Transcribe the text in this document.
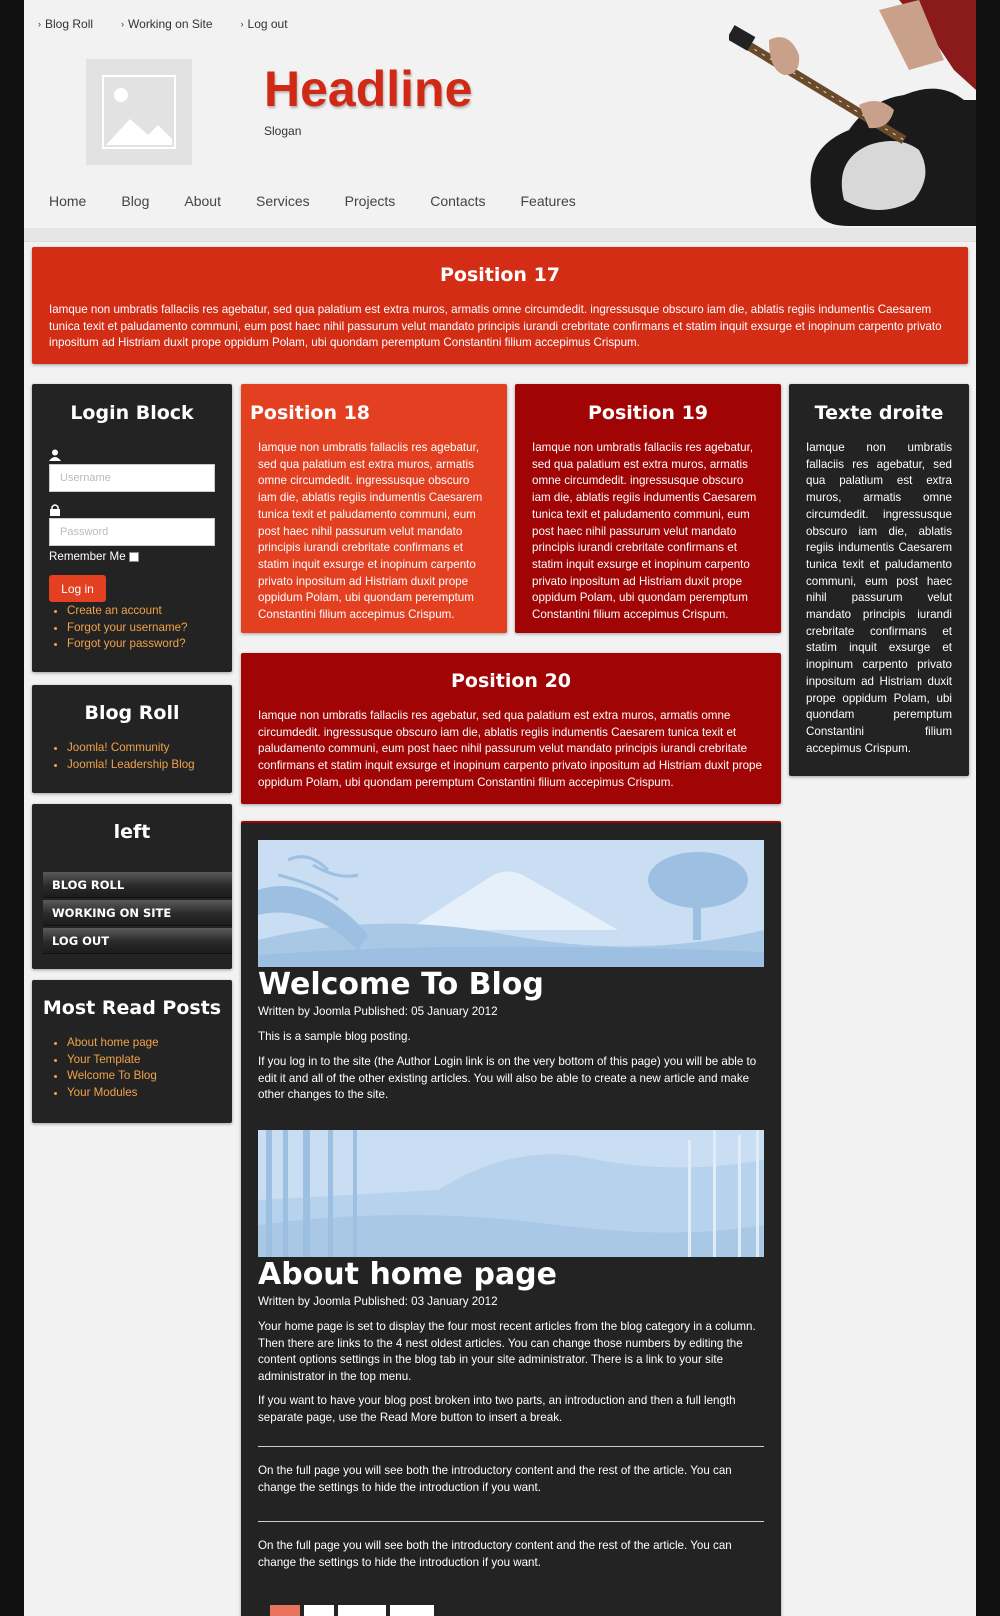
› Blog Roll	› Working on Site	› Log out
Headline
Slogan
Home	Blog	About	Services	Projects	Contacts	Features
Position 17

Iamque non umbratis fallaciis res agebatur, sed qua palatium est extra muros, armatis omne circumdedit. ingressusque obscuro iam die, ablatis regiis indumentis Caesarem tunica texit et paludamento communi, eum post haec nihil passurum velut mandato principis iurandi crebritate confirmans et statim inquit exsurge et inopinum carpento privato inpositum ad Histriam duxit prope oppidum Polam, ubi quondam peremptum Constantini filium accepimus Crispum.

Login Block
Username
Password
Remember Me
Log in
• Create an account
• Forgot your username?
• Forgot your password?
Position 18

Iamque non umbratis fallaciis res agebatur, sed qua palatium est extra muros, armatis omne circumdedit. ingressusque obscuro iam die, ablatis regiis indumentis Caesarem tunica texit et paludamento communi, eum post haec nihil passurum velut mandato principis iurandi crebritate confirmans et statim inquit exsurge et inopinum carpento privato inpositum ad Histriam duxit prope oppidum Polam, ubi quondam peremptum Constantini filium accepimus Crispum.

Position 19

Iamque non umbratis fallaciis res agebatur, sed qua palatium est extra muros, armatis omne circumdedit. ingressusque obscuro iam die, ablatis regiis indumentis Caesarem tunica texit et paludamento communi, eum post haec nihil passurum velut mandato principis iurandi crebritate confirmans et statim inquit exsurge et inopinum carpento privato inpositum ad Histriam duxit prope oppidum Polam, ubi quondam peremptum Constantini filium accepimus Crispum.

Texte droite

Iamque non umbratis fallaciis res agebatur, sed qua palatium est extra muros, armatis omne circumdedit. ingressusque obscuro iam die, ablatis regiis indumentis Caesarem tunica texit et paludamento communi, eum post haec nihil passurum velut mandato principis iurandi crebritate confirmans et statim inquit exsurge et inopinum carpento privato inpositum ad Histriam duxit prope oppidum Polam, ubi quondam peremptum Constantini filium accepimus Crispum.

Position 20

Iamque non umbratis fallaciis res agebatur, sed qua palatium est extra muros, armatis omne circumdedit. ingressusque obscuro iam die, ablatis regiis indumentis Caesarem tunica texit et paludamento communi, eum post haec nihil passurum velut mandato principis iurandi crebritate confirmans et statim inquit exsurge et inopinum carpento privato inpositum ad Histriam duxit prope oppidum Polam, ubi quondam peremptum Constantini filium accepimus Crispum.

Blog Roll
• Joomla! Community
• Joomla! Leadership Blog
left
BLOG ROLL
WORKING ON SITE
LOG OUT
Most Read Posts
• About home page
• Your Template
• Welcome To Blog
• Your Modules
Welcome To Blog
Written by Joomla Published: 05 January 2012

This is a sample blog posting.

If you log in to the site (the Author Login link is on the very bottom of this page) you will be able to edit it and all of the other existing articles. You will also be able to create a new article and make other changes to the site.

About home page
Written by Joomla Published: 03 January 2012

Your home page is set to display the four most recent articles from the blog category in a column. Then there are links to the 4 nest oldest articles. You can change those numbers by editing the content options settings in the blog tab in your site administrator. There is a link to your site administrator in the top menu.

If you want to have your blog post broken into two parts, an introduction and then a full length separate page, use the Read More button to insert a break.

On the full page you will see both the introductory content and the rest of the article. You can change the settings to hide the introduction if you want.

On the full page you will see both the introductory content and the rest of the article. You can change the settings to hide the introduction if you want.
